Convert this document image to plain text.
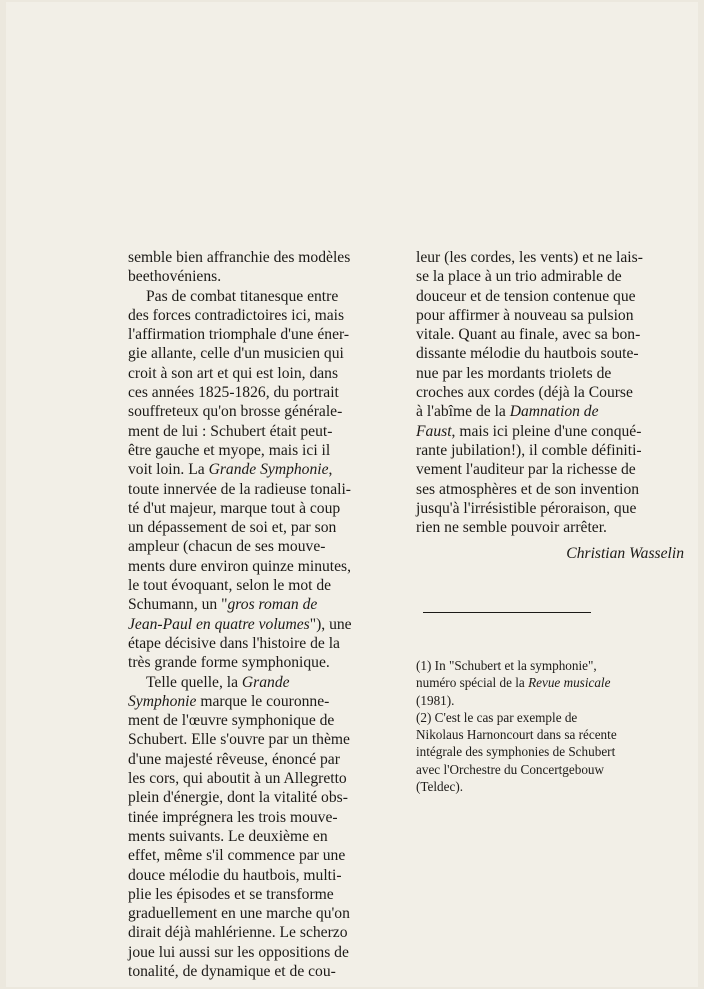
semble bien affranchie des modèles
beethovéniens.

Pas de combat titanesque entre
des forces contradictoires ici, mais
l'affirmation triomphale d'une éner-
gie allante, celle d'un musicien qui
croit à son art et qui est loin, dans
ces années 1825-1826, du portrait
souffreteux qu'on brosse générale-
ment de lui : Schubert était peut-
être gauche et myope, mais ici il
voit loin. La Grande Symphonie,
toute innervée de la radieuse tonali-
té d'ut majeur, marque tout à coup
un dépassement de soi et, par son
ampleur (chacun de ses mouve-
ments dure environ quinze minutes,
le tout évoquant, selon le mot de
Schumann, un "gros roman de
Jean-Paul en quatre volumes"), une
étape décisive dans l'histoire de la
très grande forme symphonique.

Telle quelle, la Grande
Symphonie marque le couronne-
ment de l'œuvre symphonique de
Schubert. Elle s'ouvre par un thème
d'une majesté rêveuse, énoncé par
les cors, qui aboutit à un Allegretto
plein d'énergie, dont la vitalité obs-
tinée imprégnera les trois mouve-
ments suivants. Le deuxième en
effet, même s'il commence par une
douce mélodie du hautbois, multi-
plie les épisodes et se transforme
graduellement en une marche qu'on
dirait déjà mahlérienne. Le scherzo
joue lui aussi sur les oppositions de
tonalité, de dynamique et de cou-

leur (les cordes, les vents) et ne lais-
se la place à un trio admirable de
douceur et de tension contenue que
pour affirmer à nouveau sa pulsion
vitale. Quant au finale, avec sa bon-
dissante mélodie du hautbois soute-
nue par les mordants triolets de
croches aux cordes (déjà la Course
à l'abîme de la Damnation de
Faust, mais ici pleine d'une conqué-
rante jubilation!), il comble définiti-
vement l'auditeur par la richesse de
ses atmosphères et de son invention
jusqu'à l'irrésistible péroraison, que
rien ne semble pouvoir arrêter.

Christian Wasselin

(1) In "Schubert et la symphonie",
numéro spécial de la Revue musicale
(1981).

(2) C'est le cas par exemple de
Nikolaus Harnoncourt dans sa récente
intégrale des symphonies de Schubert
avec l'Orchestre du Concertgebouw
(Teldec).
